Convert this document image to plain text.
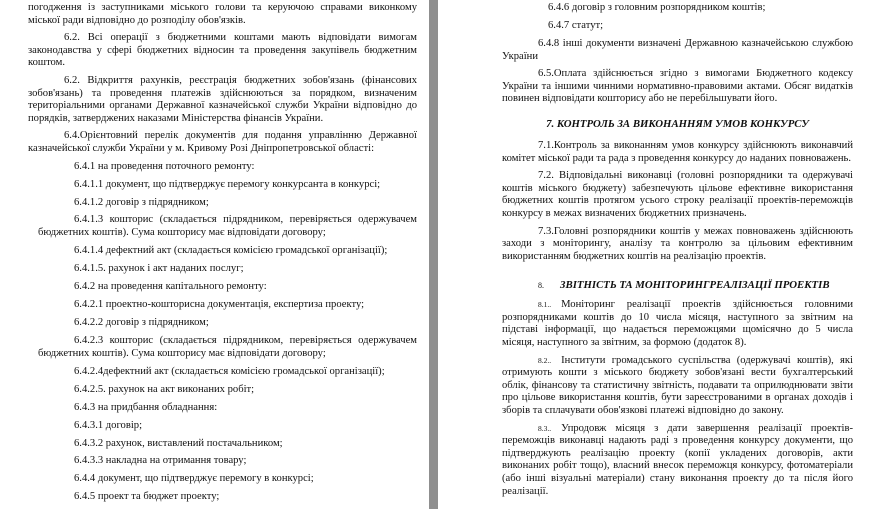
погодження із заступниками міського голови та керуючою справами виконкому міської ради відповідно до розподілу обов'язків.

6.2. Всі операції з бюджетними коштами мають відповідати вимогам законодавства у сфері бюджетних відносин та проведення закупівель бюджетним коштом.

6.2. Відкриття рахунків, реєстрація бюджетних зобов'язань (фінансових зобов'язань) та проведення платежів здійснюються за порядком, визначеним територіальними органами Державної казначейської служби України відповідно до порядків, затверджених наказами Міністерства фінансів України.

6.4.Орієнтовний перелік документів для подання управлінню Державної казначейської служби України у м. Кривому Розі Дніпропетровської області:

6.4.1 на проведення поточного ремонту:

6.4.1.1 документ, що підтверджує перемогу конкурсанта в конкурсі;

6.4.1.2 договір з підрядником;

6.4.1.3 кошторис (складається підрядником, перевіряється одержувачем бюджетних коштів). Сума кошторису має відповідати договору;

6.4.1.4 дефектний акт (складається комісією громадської організації);

6.4.1.5. рахунок і акт наданих послуг;

6.4.2 на проведення капітального ремонту:

6.4.2.1 проектно-кошторисна документація, експертиза проекту;

6.4.2.2 договір з підрядником;

6.4.2.3 кошторис (складається підрядником, перевіряється одержувачем бюджетних коштів). Сума кошторису має відповідати договору;

6.4.2.4дефектний акт (складається комісією громадської організації);

6.4.2.5. рахунок на акт виконаних робіт;

6.4.3 на придбання обладнання:

6.4.3.1 договір;

6.4.3.2 рахунок, виставлений постачальником;

6.4.3.3 накладна на отримання товару;

6.4.4 документ, що підтверджує перемогу в конкурсі;

6.4.5 проект та бюджет проекту;

6.4.6 договір з головним розпорядником коштів;

6.4.7 статут;

6.4.8 інші документи визначені Державною казначейською службою України

6.5.Оплата здійснюється згідно з вимогами Бюджетного кодексу України та іншими чинними нормативно-правовими актами. Обсяг видатків повинен відповідати кошторису або не перебільшувати його.

7. КОНТРОЛЬ ЗА ВИКОНАННЯМ УМОВ КОНКУРСУ

7.1.Контроль за виконанням умов конкурсу здійснюють виконавчий комітет міської ради та рада з проведення конкурсу до наданих повноважень.

7.2. Відповідальні виконавці (головні розпорядники та одержувачі коштів міського бюджету) забезпечують цільове ефективне використання бюджетних коштів протягом усього строку реалізації проектів-переможців конкурсу в межах визначених бюджетних призначень.

7.3.Головні розпорядники коштів у межах повноважень здійснюють заходи з моніторингу, аналізу та контролю за цільовим ефективним використанням бюджетних коштів на реалізацію проектів.

8. ЗВІТНІСТЬ ТА МОНІТОРИНГРЕАЛІЗАЦІЇ ПРОЕКТІВ

8.1.. Моніторинг реалізації проектів здійснюється головними розпорядниками коштів до 10 числа місяця, наступного за звітним на підставі інформації, що надається переможцями щомісячно до 5 числа місяця, наступного за звітним, за формою (додаток 8).

8.2.. Інститути громадського суспільства (одержувачі коштів), які отримують кошти з міського бюджету зобов'язані вести бухгалтерський облік, фінансову та статистичну звітність, подавати та оприлюднювати звіти про цільове використання коштів, бути зареєстрованими в органах доходів і зборів та сплачувати обов'язкові платежі відповідно до закону.

8.3.. Упродовж місяця з дати завершення реалізації проектів-переможців виконавці надають раді з проведення конкурсу документи, що підтверджують реалізацію проекту (копії укладених договорів, акти виконаних робіт тощо), власний внесок переможця конкурсу, фотоматеріали (або інші візуальні матеріали) стану виконання проекту до та після його реалізації.
